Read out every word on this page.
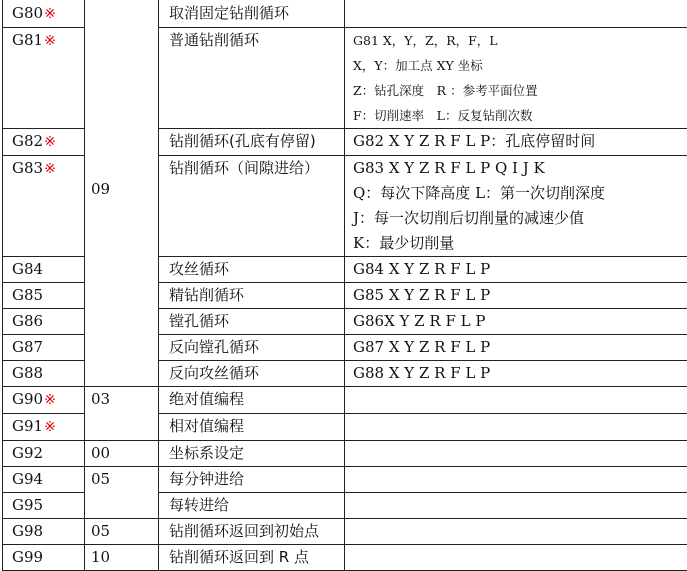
G80※	09	取消固定钻削循环	
G81※		普通钻削循环	G81 X，Y，Z，R，F，L
X，Y：加工点 XY 坐标
Z：钻孔深度　R ：参考平面位置
F：切削速率　L：反复钻削次数

G82※		钻削循环(孔底有停留)	G82 X Y Z R F L P：孔底停留时间

G83※		钻削循环（间隙进给）	G83 X Y Z R F L P Q I J K
Q：每次下降高度 L：第一次切削深度
J：每一次切削后切削量的减速少值
K：最少切削量

G84		攻丝循环	G84 X Y Z R F L P

G85		精钻削循环	G85 X Y Z R F L P

G86		镗孔循环	G86X Y Z R F L P

G87		反向镗孔循环	G87 X Y Z R F L P

G88		反向攻丝循环	G88 X Y Z R F L P

G90※	03	绝对值编程	
G91※		相对值编程	
G92	00	坐标系设定	
G94	05	每分钟进给	
G95		每转进给	
G98	05	钻削循环返回到初始点	
G99	10	钻削循环返回到 R 点	
